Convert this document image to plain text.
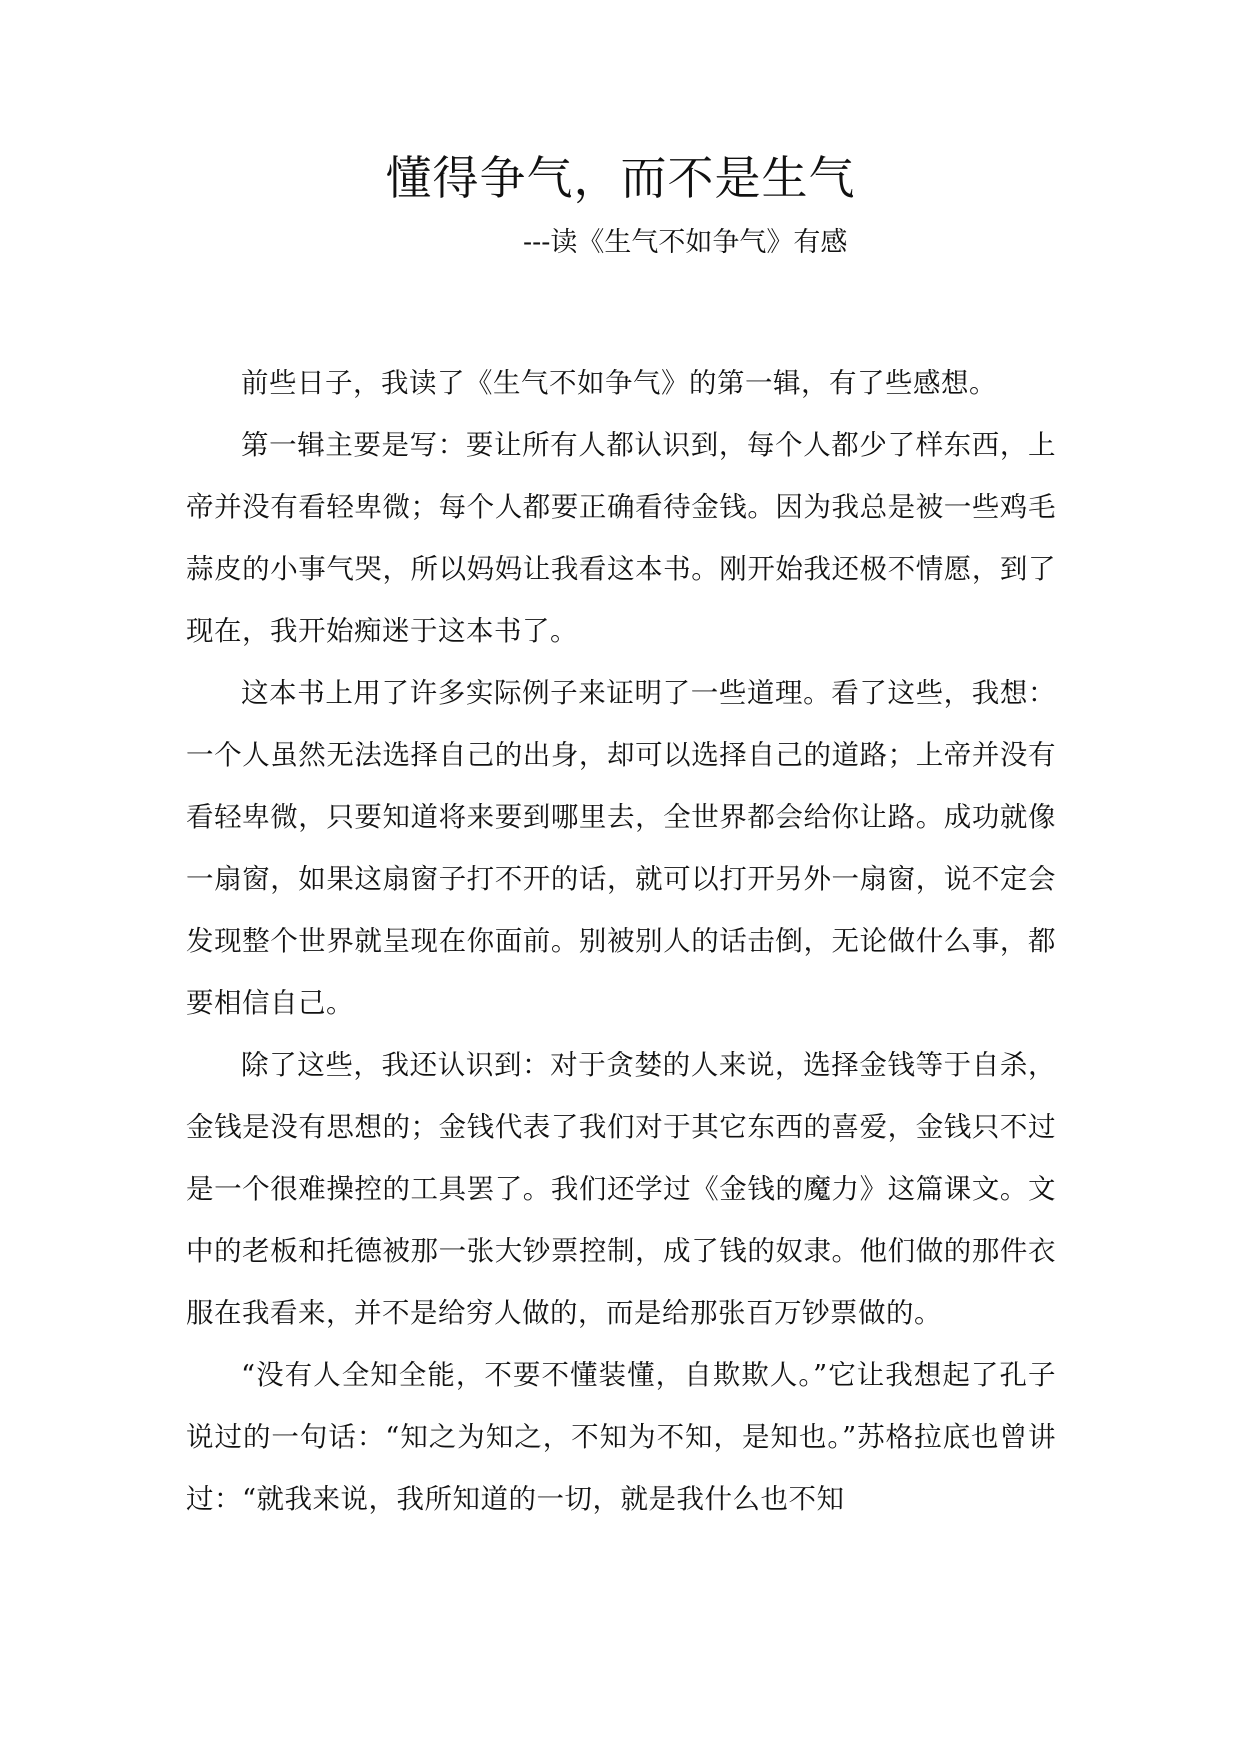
懂得争气，而不是生气
---读《生气不如争气》有感

前些日子，我读了《生气不如争气》的第一辑，有了些感想。

第一辑主要是写：要让所有人都认识到，每个人都少了样东西，上帝并没有看轻卑微；每个人都要正确看待金钱。因为我总是被一些鸡毛蒜皮的小事气哭，所以妈妈让我看这本书。刚开始我还极不情愿，到了现在，我开始痴迷于这本书了。

这本书上用了许多实际例子来证明了一些道理。看了这些，我想：一个人虽然无法选择自己的出身，却可以选择自己的道路；上帝并没有看轻卑微，只要知道将来要到哪里去，全世界都会给你让路。成功就像一扇窗，如果这扇窗子打不开的话，就可以打开另外一扇窗，说不定会发现整个世界就呈现在你面前。别被别人的话击倒，无论做什么事，都要相信自己。

除了这些，我还认识到：对于贪婪的人来说，选择金钱等于自杀，金钱是没有思想的；金钱代表了我们对于其它东西的喜爱，金钱只不过是一个很难操控的工具罢了。我们还学过《金钱的魔力》这篇课文。文中的老板和托德被那一张大钞票控制，成了钱的奴隶。他们做的那件衣服在我看来，并不是给穷人做的，而是给那张百万钞票做的。

“没有人全知全能，不要不懂装懂，自欺欺人。”它让我想起了孔子说过的一句话：“知之为知之，不知为不知，是知也。”苏格拉底也曾讲过：“就我来说，我所知道的一切，就是我什么也不知
